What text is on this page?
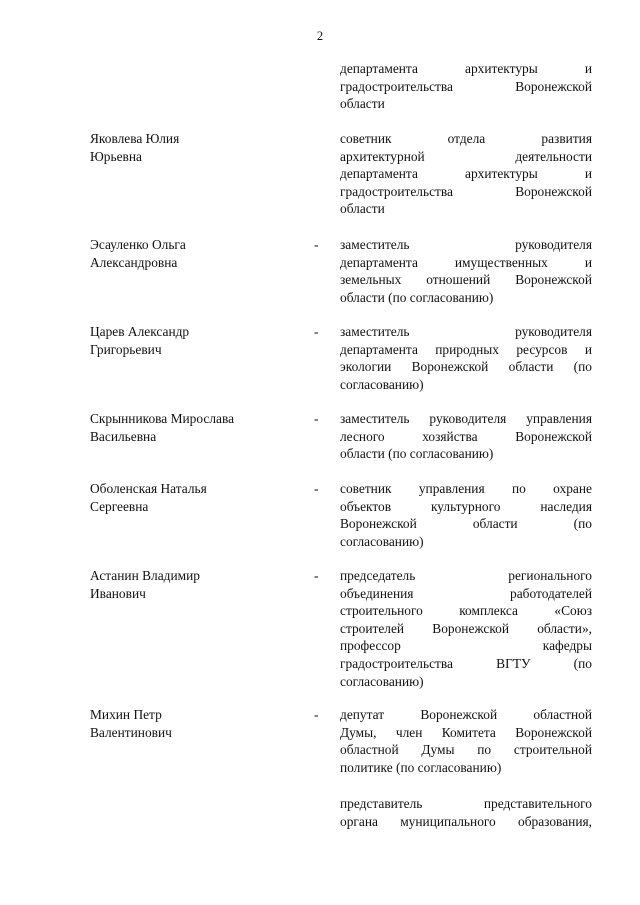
2
департамента архитектуры и
градостроительства Воронежской
области
Яковлева Юлия
Юрьевна
советник отдела развития
архитектурной деятельности
департамента архитектуры и
градостроительства Воронежской
области
Эсауленко Ольга
Александровна
- заместитель руководителя
департамента имущественных и
земельных отношений Воронежской
области (по согласованию)
Царев Александр
Григорьевич
- заместитель руководителя
департамента природных ресурсов и
экологии Воронежской области (по
согласованию)
Скрынникова Мирослава
Васильевна
- заместитель руководителя управления
лесного хозяйства Воронежской
области (по согласованию)
Оболенская Наталья
Сергеевна
- советник управления по охране
объектов культурного наследия
Воронежской области (по
согласованию)
Астанин Владимир
Иванович
- председатель регионального
объединения работодателей
строительного комплекса «Союз
строителей Воронежской области»,
профессор кафедры
градостроительства ВГТУ (по
согласованию)
Михин Петр
Валентинович
- депутат Воронежской областной
Думы, член Комитета Воронежской
областной Думы по строительной
политике (по согласованию)
представитель представительного
органа муниципального образования,
